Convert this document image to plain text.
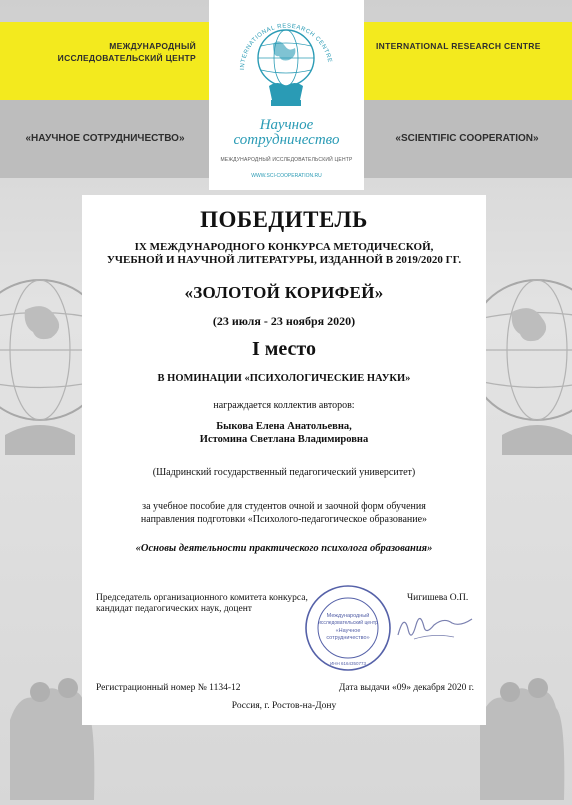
МЕЖДУНАРОДНЫЙ ИССЛЕДОВАТЕЛЬСКИЙ ЦЕНТР
INTERNATIONAL RESEARCH CENTRE
«НАУЧНОЕ СОТРУДНИЧЕСТВО»	«SCIENTIFIC COOPERATION»
INTERNATIONAL RESEARCH CENTRE
Научное
сотрудничество
МЕЖДУНАРОДНЫЙ ИССЛЕДОВАТЕЛЬСКИЙ ЦЕНТР
WWW.SCI-COOPERATION.RU
ПОБЕДИТЕЛЬ
IX МЕЖДУНАРОДНОГО КОНКУРСА МЕТОДИЧЕСКОЙ,
УЧЕБНОЙ И НАУЧНОЙ ЛИТЕРАТУРЫ, ИЗДАННОЙ В 2019/2020 ГГ.
«ЗОЛОТОЙ КОРИФЕЙ»
(23 июля - 23 ноября 2020)
I место
В НОМИНАЦИИ «ПСИХОЛОГИЧЕСКИЕ НАУКИ»
награждается коллектив авторов:
Быкова Елена Анатольевна,
Истомина Светлана Владимировна
(Шадринский государственный педагогический университет)
за учебное пособие для студентов очной и заочной форм обучения
направления подготовки «Психолого-педагогическое образование»
«Основы деятельности практического психолога образования»
Председатель организационного комитета конкурса,
кандидат педагогических наук, доцент
Чигишева О.П.
Международный
исследовательский центр
«Научное
сотрудничество»
ИНН 6164350773
Регистрационный номер № 1134-12	Дата выдачи «09» декабря 2020 г.
Россия, г. Ростов-на-Дону
